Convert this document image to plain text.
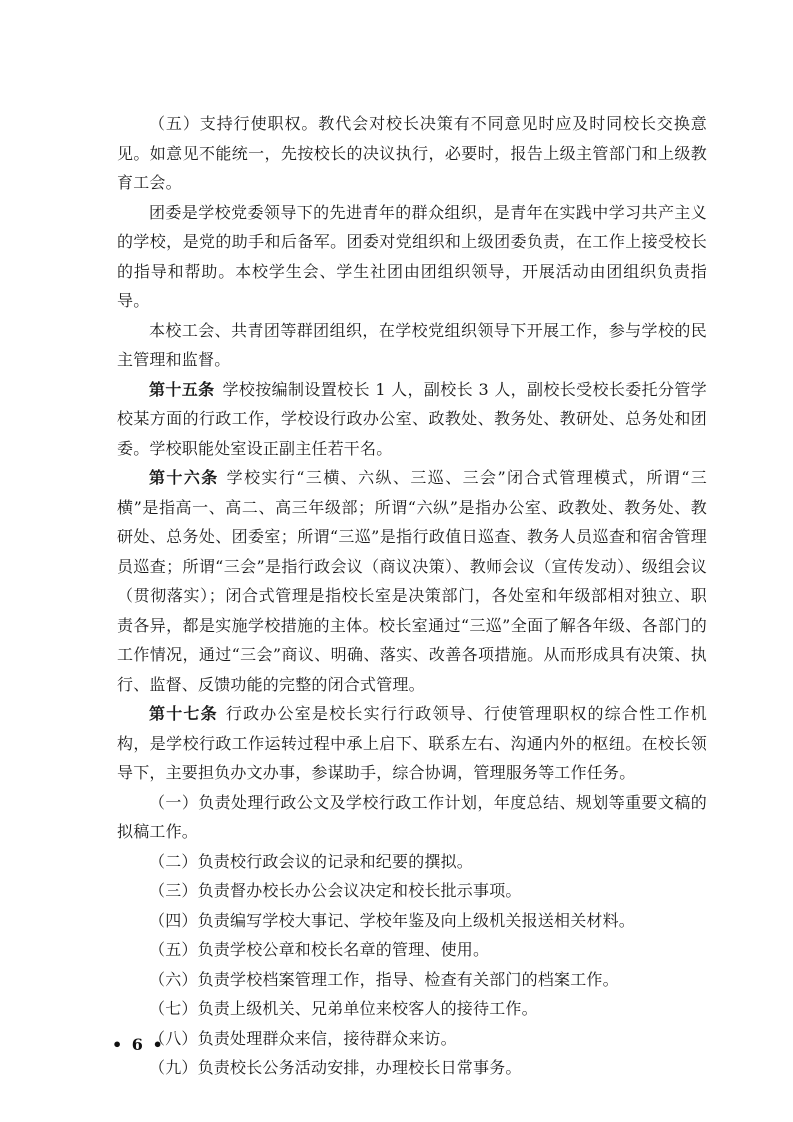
（五）支持行使职权。教代会对校长决策有不同意见时应及时同校长交换意见。如意见不能统一，先按校长的决议执行，必要时，报告上级主管部门和上级教育工会。

团委是学校党委领导下的先进青年的群众组织，是青年在实践中学习共产主义的学校，是党的助手和后备军。团委对党组织和上级团委负责，在工作上接受校长的指导和帮助。本校学生会、学生社团由团组织领导，开展活动由团组织负责指导。

本校工会、共青团等群团组织，在学校党组织领导下开展工作，参与学校的民主管理和监督。

第十五条 学校按编制设置校长 1 人，副校长 3 人，副校长受校长委托分管学校某方面的行政工作，学校设行政办公室、政教处、教务处、教研处、总务处和团委。学校职能处室设正副主任若干名。

第十六条 学校实行“三横、六纵、三巡、三会”闭合式管理模式，所谓“三横”是指高一、高二、高三年级部；所谓“六纵”是指办公室、政教处、教务处、教研处、总务处、团委室；所谓“三巡”是指行政值日巡查、教务人员巡查和宿舍管理员巡查；所谓“三会”是指行政会议（商议决策）、教师会议（宣传发动）、级组会议（贯彻落实）；闭合式管理是指校长室是决策部门，各处室和年级部相对独立、职责各异，都是实施学校措施的主体。校长室通过“三巡”全面了解各年级、各部门的工作情况，通过“三会”商议、明确、落实、改善各项措施。从而形成具有决策、执行、监督、反馈功能的完整的闭合式管理。

第十七条 行政办公室是校长实行行政领导、行使管理职权的综合性工作机构，是学校行政工作运转过程中承上启下、联系左右、沟通内外的枢纽。在校长领导下，主要担负办文办事，参谋助手，综合协调，管理服务等工作任务。

（一）负责处理行政公文及学校行政工作计划，年度总结、规划等重要文稿的拟稿工作。

（二）负责校行政会议的记录和纪要的撰拟。

（三）负责督办校长办公会议决定和校长批示事项。

（四）负责编写学校大事记、学校年鉴及向上级机关报送相关材料。

（五）负责学校公章和校长名章的管理、使用。

（六）负责学校档案管理工作，指导、检查有关部门的档案工作。

（七）负责上级机关、兄弟单位来校客人的接待工作。

（八）负责处理群众来信，接待群众来访。

（九）负责校长公务活动安排，办理校长日常事务。

• 6 •
